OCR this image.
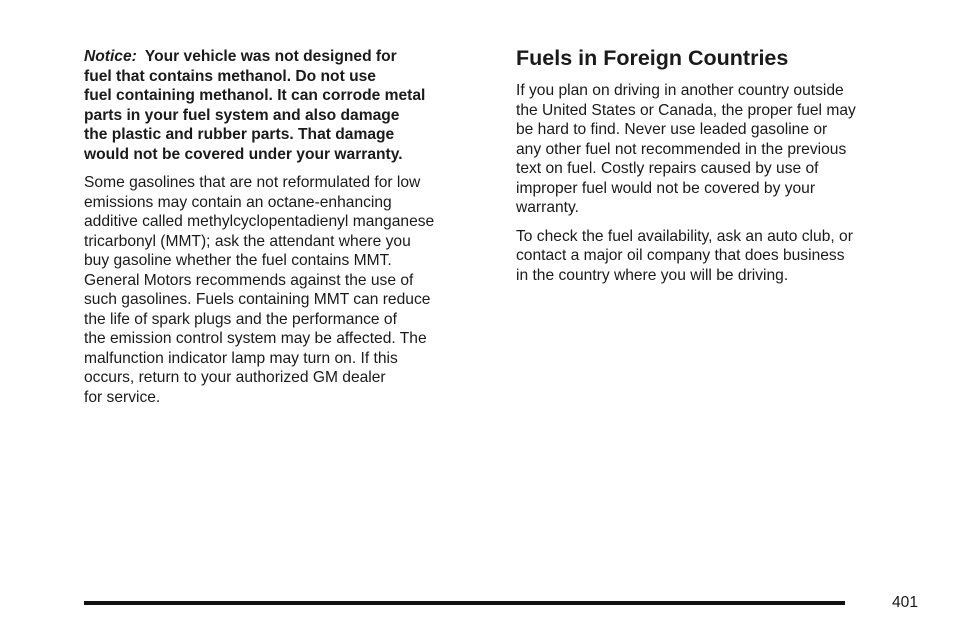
Notice: Your vehicle was not designed for
fuel that contains methanol. Do not use
fuel containing methanol. It can corrode metal
parts in your fuel system and also damage
the plastic and rubber parts. That damage
would not be covered under your warranty.
Some gasolines that are not reformulated for low
emissions may contain an octane-enhancing
additive called methylcyclopentadienyl manganese
tricarbonyl (MMT); ask the attendant where you
buy gasoline whether the fuel contains MMT.
General Motors recommends against the use of
such gasolines. Fuels containing MMT can reduce
the life of spark plugs and the performance of
the emission control system may be affected. The
malfunction indicator lamp may turn on. If this
occurs, return to your authorized GM dealer
for service.
Fuels in Foreign Countries
If you plan on driving in another country outside
the United States or Canada, the proper fuel may
be hard to find. Never use leaded gasoline or
any other fuel not recommended in the previous
text on fuel. Costly repairs caused by use of
improper fuel would not be covered by your
warranty.
To check the fuel availability, ask an auto club, or
contact a major oil company that does business
in the country where you will be driving.
401
